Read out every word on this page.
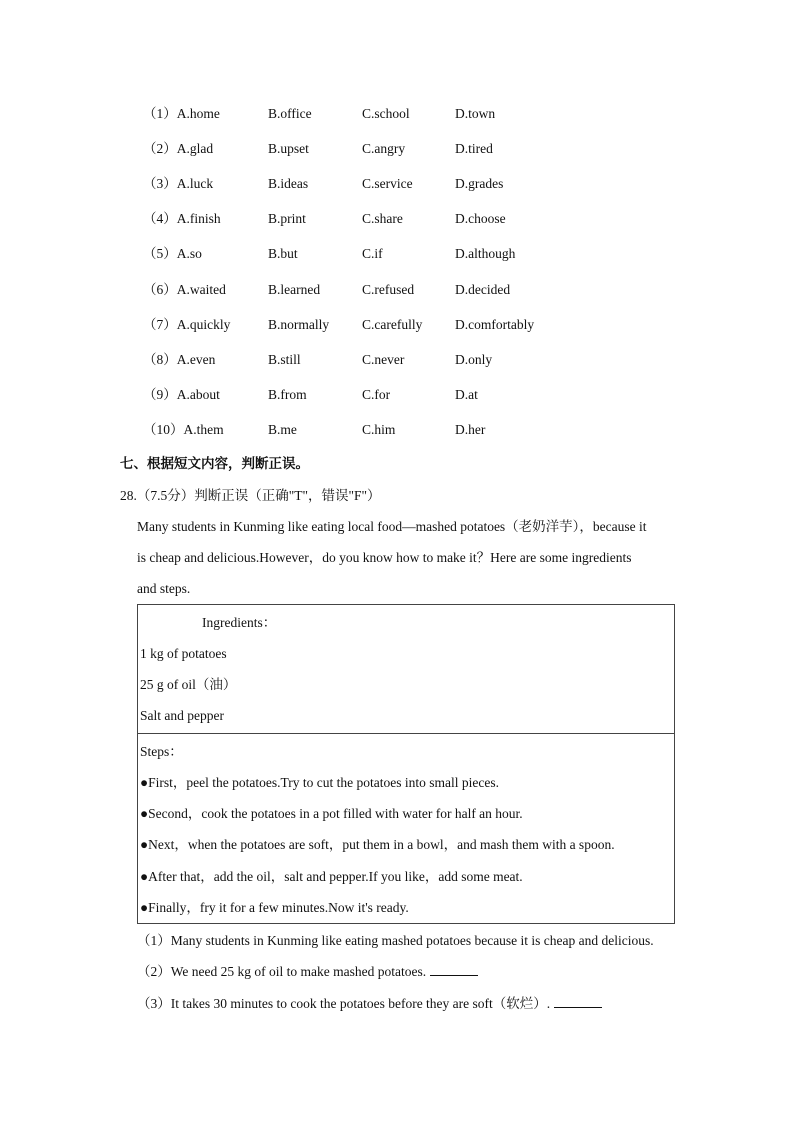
（1）A.home	B.office	C.school	D.town
（2）A.glad	B.upset	C.angry	D.tired
（3）A.luck	B.ideas	C.service	D.grades
（4）A.finish	B.print	C.share	D.choose
（5）A.so	B.but	C.if	D.although
（6）A.waited	B.learned	C.refused	D.decided
（7）A.quickly	B.normally C.carefully D.comfortably
（8）A.even	B.still	C.never	D.only
（9）A.about	B.from	C.for	D.at
（10）A.them	B.me	C.him	D.her
七、根据短文内容，判断正误。
28.（7.5分）判断正误（正确"T"，错误"F"）
Many students in Kunming like eating local food—mashed potatoes（老奶洋芋），because it
is cheap and delicious.However，do you know how to make it？Here are some ingredients
and steps.
Ingredients：
1 kg of potatoes
25 g of oil（油）
Salt and pepper
Steps：
●First，peel the potatoes.Try to cut the potatoes into small pieces.
●Second，cook the potatoes in a pot filled with water for half an hour.
●Next，when the potatoes are soft，put them in a bowl，and mash them with a spoon.
●After that，add the oil，salt and pepper.If you like，add some meat.
●Finally，fry it for a few minutes.Now it's ready.
（1）Many students in Kunming like eating mashed potatoes because it is cheap and delicious.
（2）We need 25 kg of oil to make mashed potatoes.
（3）It takes 30 minutes to cook the potatoes before they are soft（软烂）.
